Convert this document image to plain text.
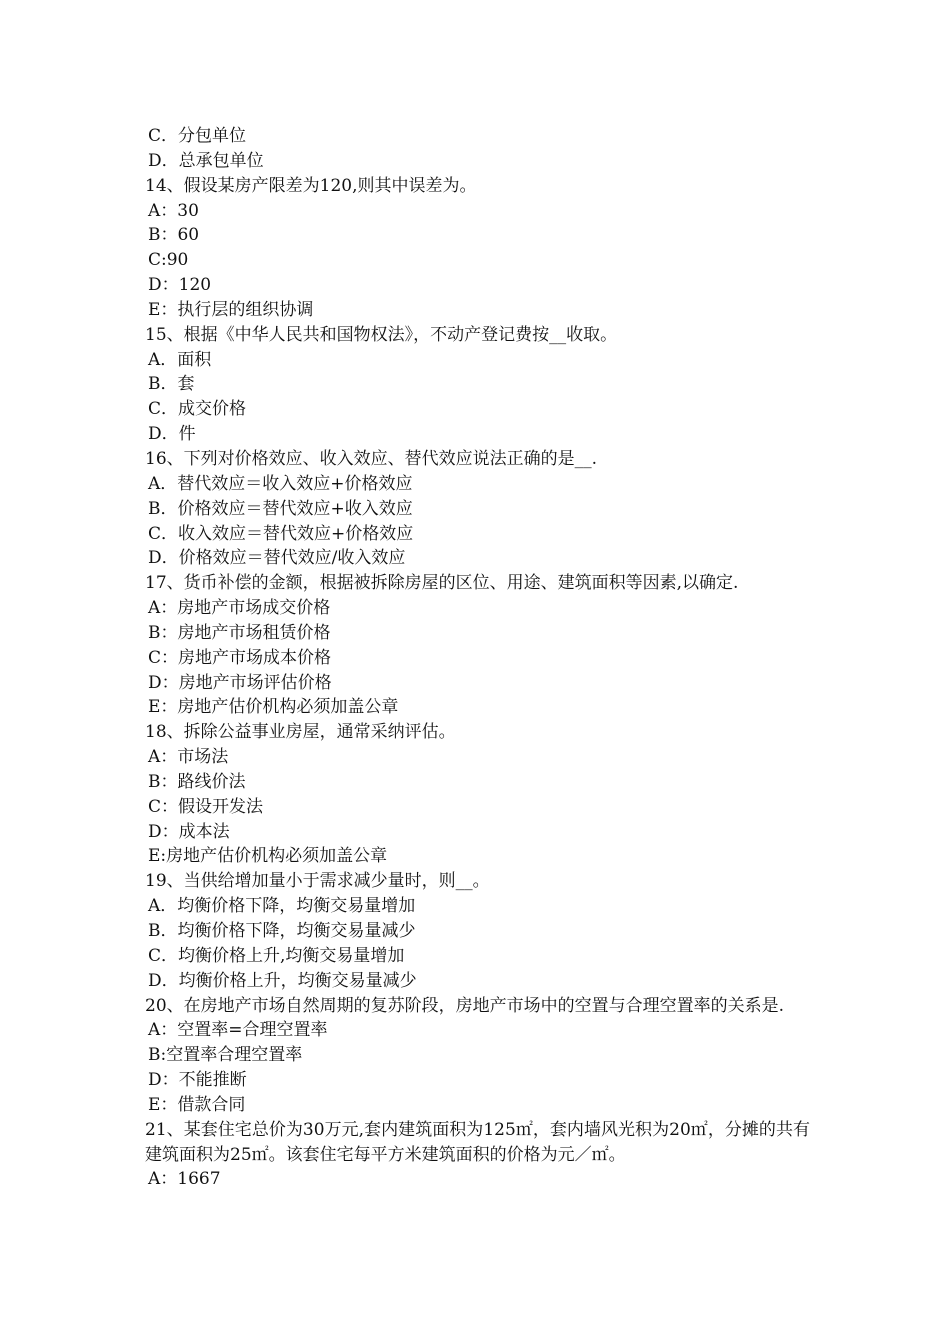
C．分包单位
D．总承包单位
14、假设某房产限差为120,则其中误差为。
A：30
B：60
C:90
D：120
E：执行层的组织协调
15、根据《中华人民共和国物权法》，不动产登记费按__收取。
A．面积
B．套
C．成交价格
D．件
16、下列对价格效应、收入效应、替代效应说法正确的是__.
A．替代效应＝收入效应+价格效应
B．价格效应＝替代效应+收入效应
C．收入效应＝替代效应+价格效应
D．价格效应＝替代效应/收入效应
17、货币补偿的金额，根据被拆除房屋的区位、用途、建筑面积等因素,以确定.
A：房地产市场成交价格
B：房地产市场租赁价格
C：房地产市场成本价格
D：房地产市场评估价格
E：房地产估价机构必须加盖公章
18、拆除公益事业房屋，通常采纳评估。
A：市场法
B：路线价法
C：假设开发法
D：成本法
E:房地产估价机构必须加盖公章
19、当供给增加量小于需求减少量时，则__。
A．均衡价格下降，均衡交易量增加
B．均衡价格下降，均衡交易量减少
C．均衡价格上升,均衡交易量增加
D．均衡价格上升，均衡交易量减少
20、在房地产市场自然周期的复苏阶段，房地产市场中的空置与合理空置率的关系是.
A：空置率=合理空置率
B:空置率合理空置率
D：不能推断
E：借款合同
21、某套住宅总价为30万元,套内建筑面积为125㎡，套内墙风光积为20㎡，分摊的共有建筑面积为25㎡。该套住宅每平方米建筑面积的价格为元／㎡。
A：1667
